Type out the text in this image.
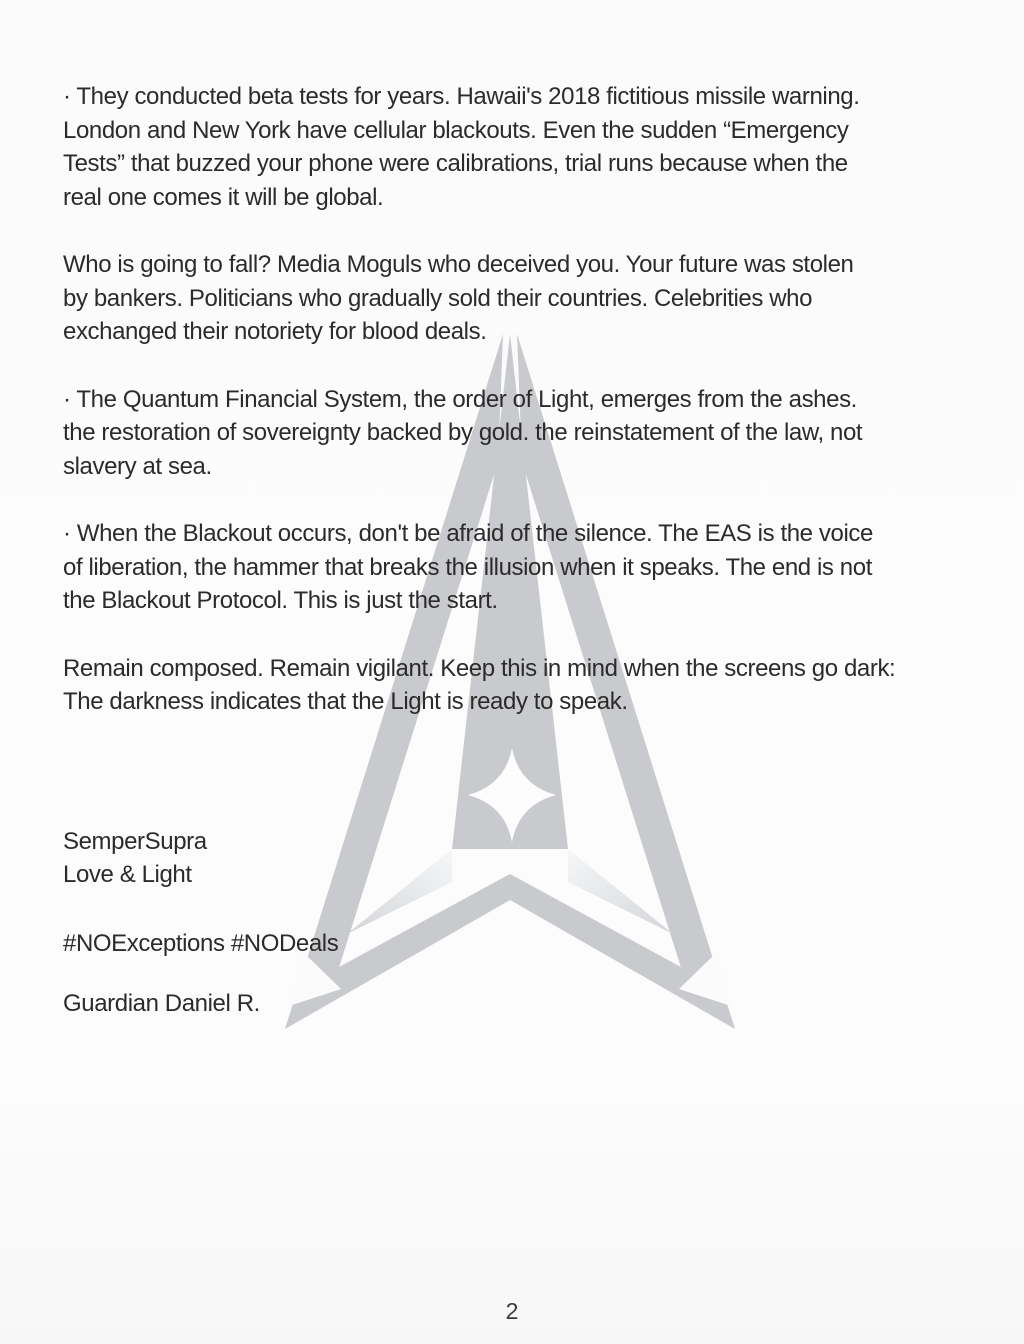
· They conducted beta tests for years. Hawaii's 2018 fictitious missile warning.
London and New York have cellular blackouts. Even the sudden “Emergency
Tests” that buzzed your phone were calibrations, trial runs because when the
real one comes it will be global.

Who is going to fall? Media Moguls who deceived you. Your future was stolen
by bankers. Politicians who gradually sold their countries. Celebrities who
exchanged their notoriety for blood deals.

· The Quantum Financial System, the order of Light, emerges from the ashes.
the restoration of sovereignty backed by gold. the reinstatement of the law, not
slavery at sea.

· When the Blackout occurs, don't be afraid of the silence. The EAS is the voice
of liberation, the hammer that breaks the illusion when it speaks. The end is not
the Blackout Protocol. This is just the start.

Remain composed. Remain vigilant. Keep this in mind when the screens go dark:
The darkness indicates that the Light is ready to speak.

SemperSupra
Love & Light
#NOExceptions #NODeals
Guardian Daniel R.
2
